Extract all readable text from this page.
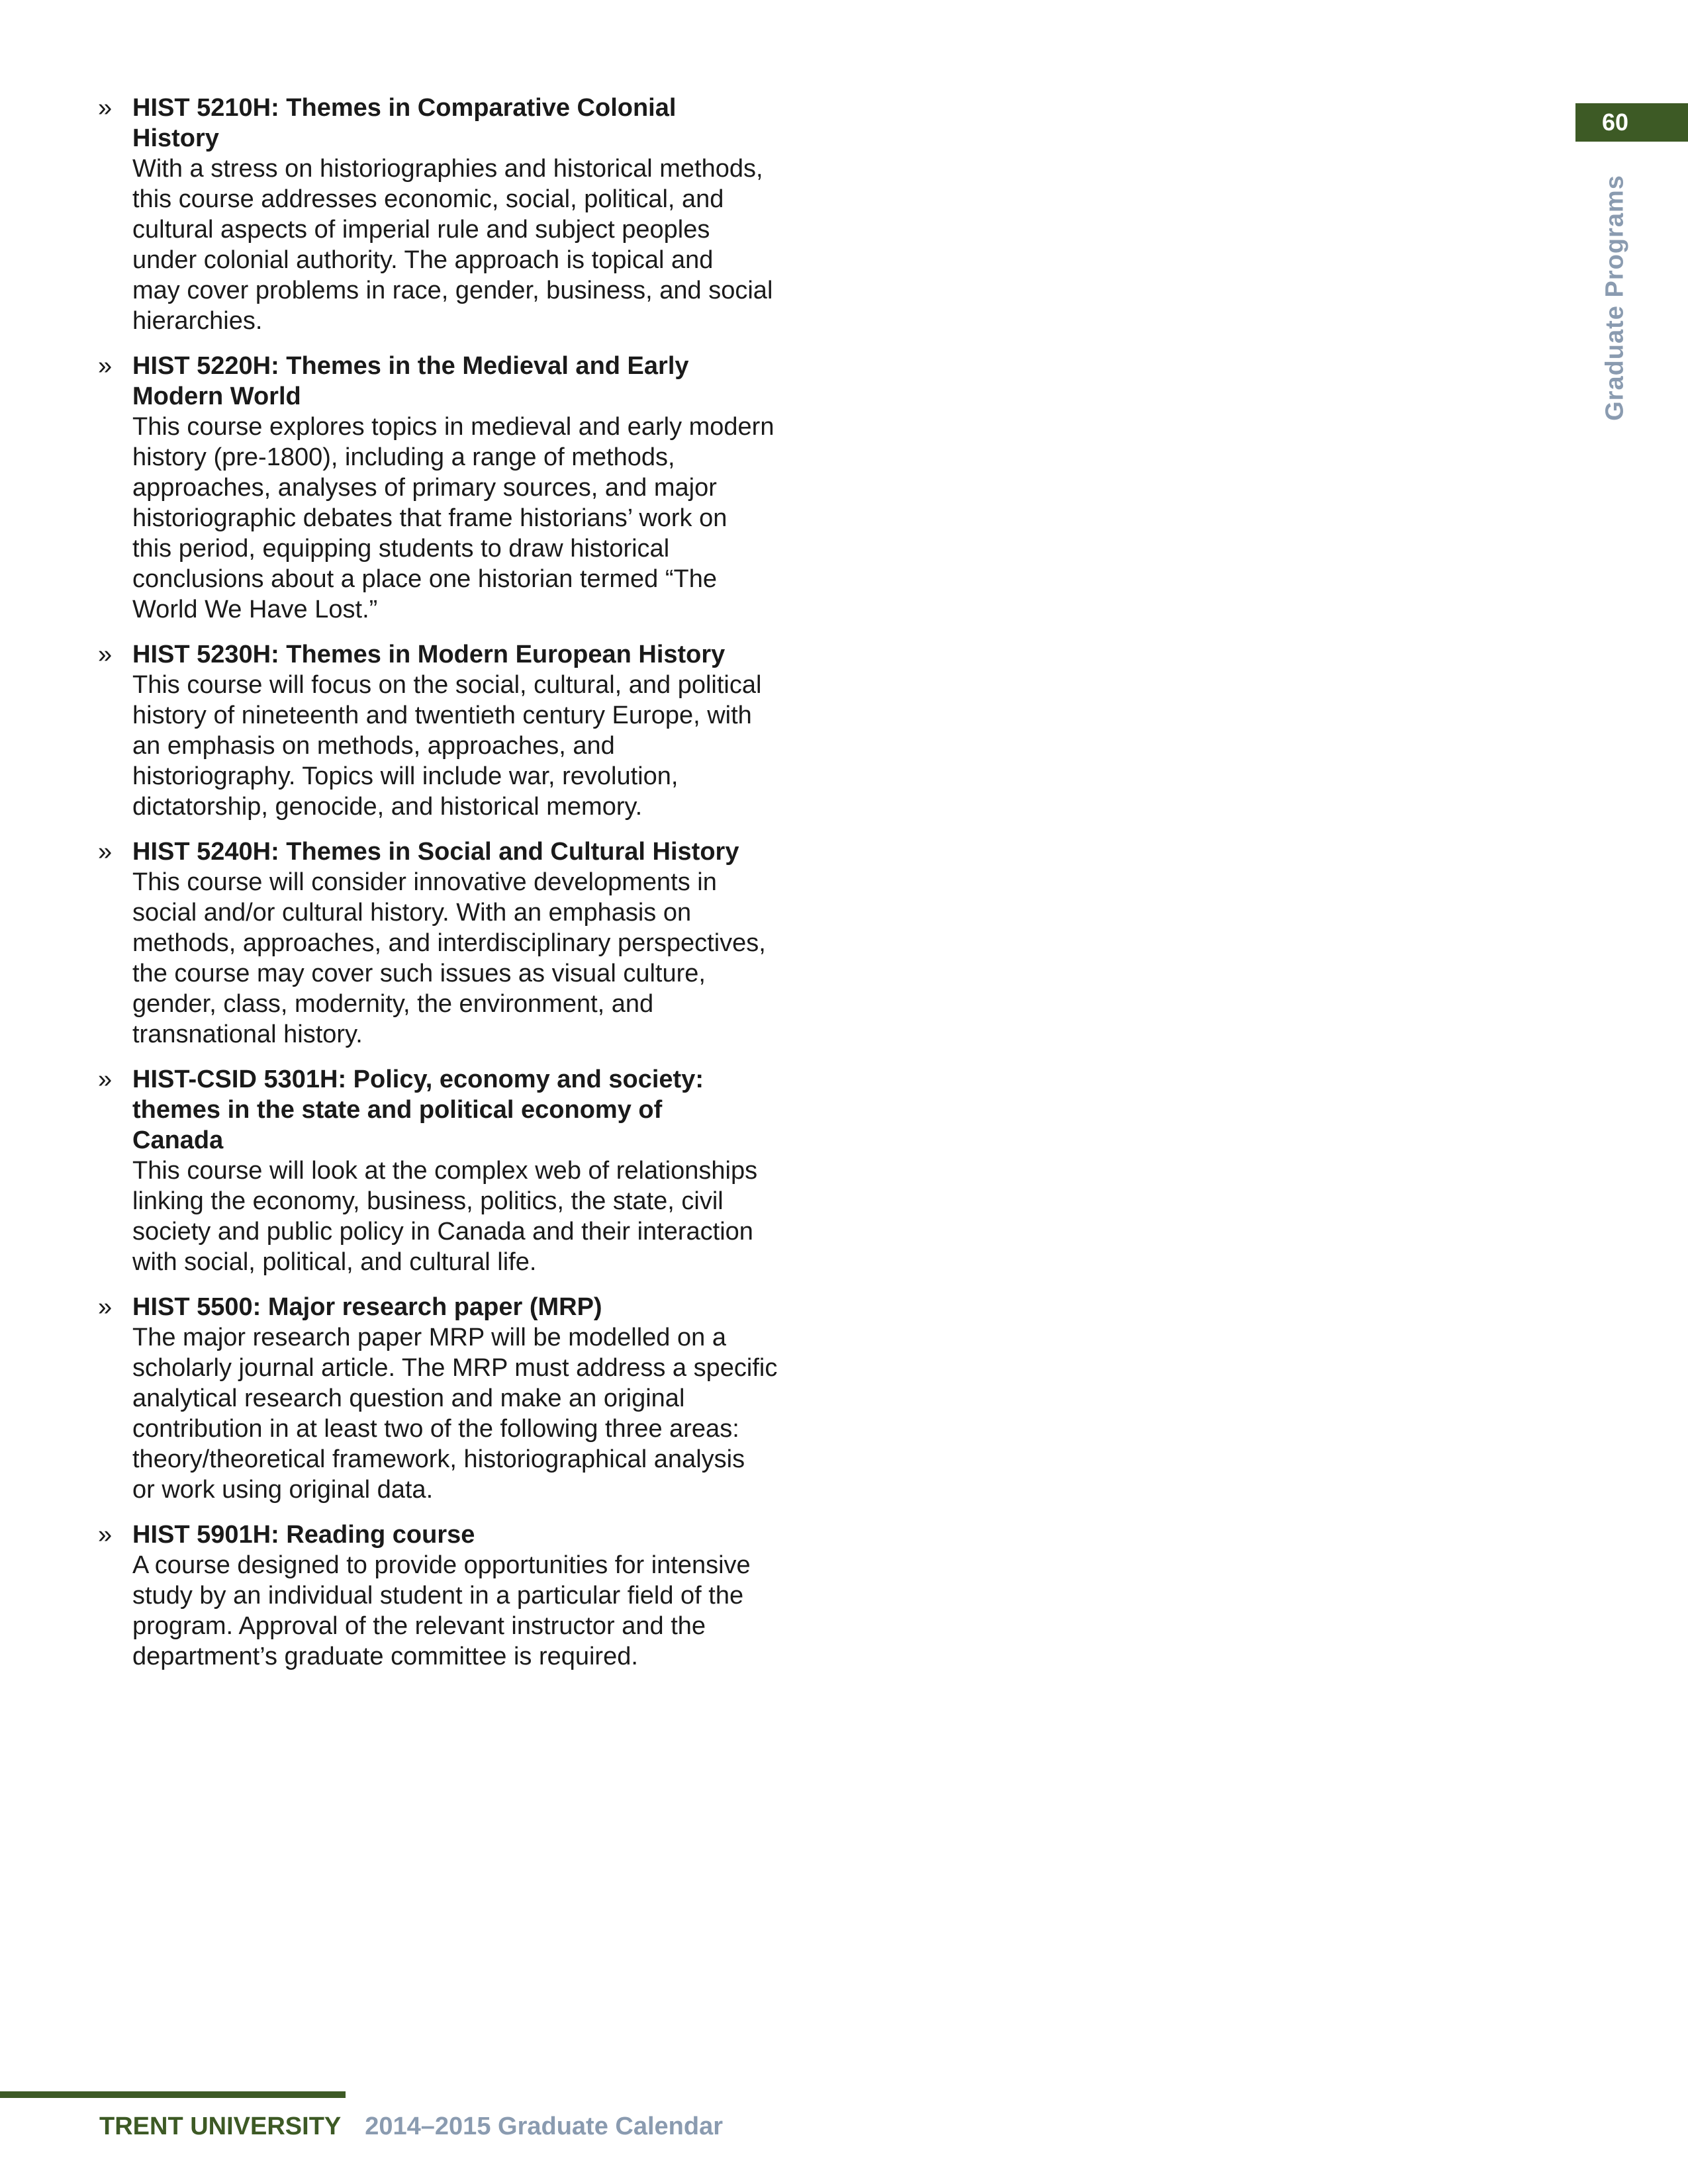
60
Graduate Programs
» HIST 5210H: Themes in Comparative Colonial
History
With a stress on historiographies and historical methods,
this course addresses economic, social, political, and
cultural aspects of imperial rule and subject peoples
under colonial authority. The approach is topical and
may cover problems in race, gender, business, and social
hierarchies.
» HIST 5220H: Themes in the Medieval and Early
Modern World
This course explores topics in medieval and early modern
history (pre-1800), including a range of methods,
approaches, analyses of primary sources, and major
historiographic debates that frame historians’ work on
this period, equipping students to draw historical
conclusions about a place one historian termed “The
World We Have Lost.”
» HIST 5230H: Themes in Modern European History
This course will focus on the social, cultural, and political
history of nineteenth and twentieth century Europe, with
an emphasis on methods, approaches, and
historiography. Topics will include war, revolution,
dictatorship, genocide, and historical memory.
» HIST 5240H: Themes in Social and Cultural History
This course will consider innovative developments in
social and/or cultural history. With an emphasis on
methods, approaches, and interdisciplinary perspectives,
the course may cover such issues as visual culture,
gender, class, modernity, the environment, and
transnational history.
» HIST-CSID 5301H: Policy, economy and society:
themes in the state and political economy of
Canada
This course will look at the complex web of relationships
linking the economy, business, politics, the state, civil
society and public policy in Canada and their interaction
with social, political, and cultural life.
» HIST 5500: Major research paper (MRP)
The major research paper MRP will be modelled on a
scholarly journal article. The MRP must address a specific
analytical research question and make an original
contribution in at least two of the following three areas:
theory/theoretical framework, historiographical analysis
or work using original data.
» HIST 5901H: Reading course
A course designed to provide opportunities for intensive
study by an individual student in a particular field of the
program. Approval of the relevant instructor and the
department’s graduate committee is required.
TRENT UNIVERSITY 2014–2015 Graduate Calendar
